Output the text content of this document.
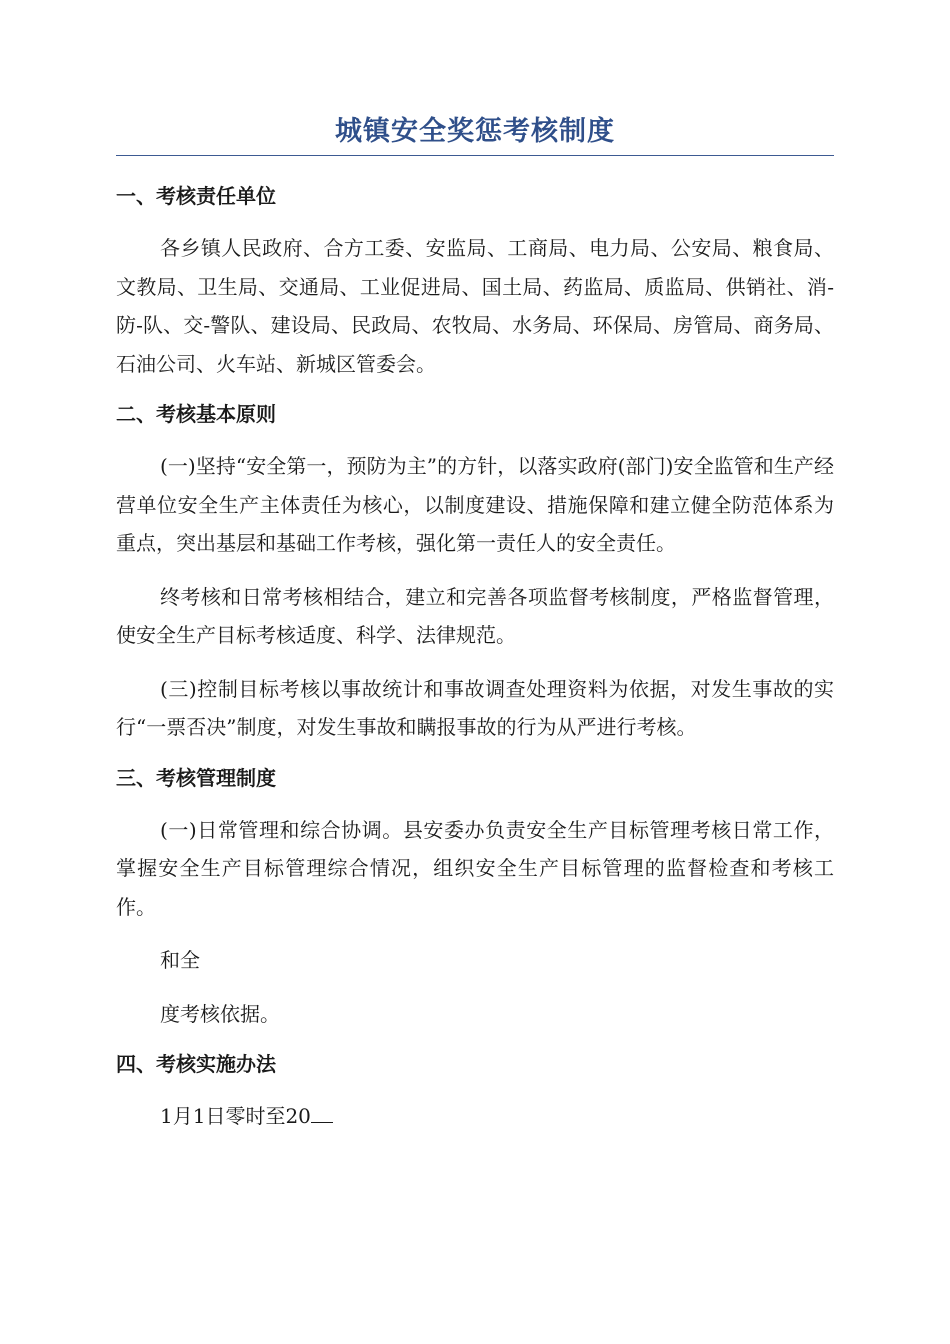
城镇安全奖惩考核制度
一、考核责任单位

各乡镇人民政府、合方工委、安监局、工商局、电力局、公安局、粮食局、文教局、卫生局、交通局、工业促进局、国土局、药监局、质监局、供销社、消-防-队、交-警队、建设局、民政局、农牧局、水务局、环保局、房管局、商务局、石油公司、火车站、新城区管委会。

二、考核基本原则

(一)坚持“安全第一，预防为主”的方针，以落实政府(部门)安全监管和生产经营单位安全生产主体责任为核心，以制度建设、措施保障和建立健全防范体系为重点，突出基层和基础工作考核，强化第一责任人的安全责任。

终考核和日常考核相结合，建立和完善各项监督考核制度，严格监督管理，使安全生产目标考核适度、科学、法律规范。

(三)控制目标考核以事故统计和事故调查处理资料为依据，对发生事故的实行“一票否决”制度，对发生事故和瞒报事故的行为从严进行考核。

三、考核管理制度

(一)日常管理和综合协调。县安委办负责安全生产目标管理考核日常工作，掌握安全生产目标管理综合情况，组织安全生产目标管理的监督检查和考核工作。

和全

度考核依据。

四、考核实施办法

1月1日零时至20
